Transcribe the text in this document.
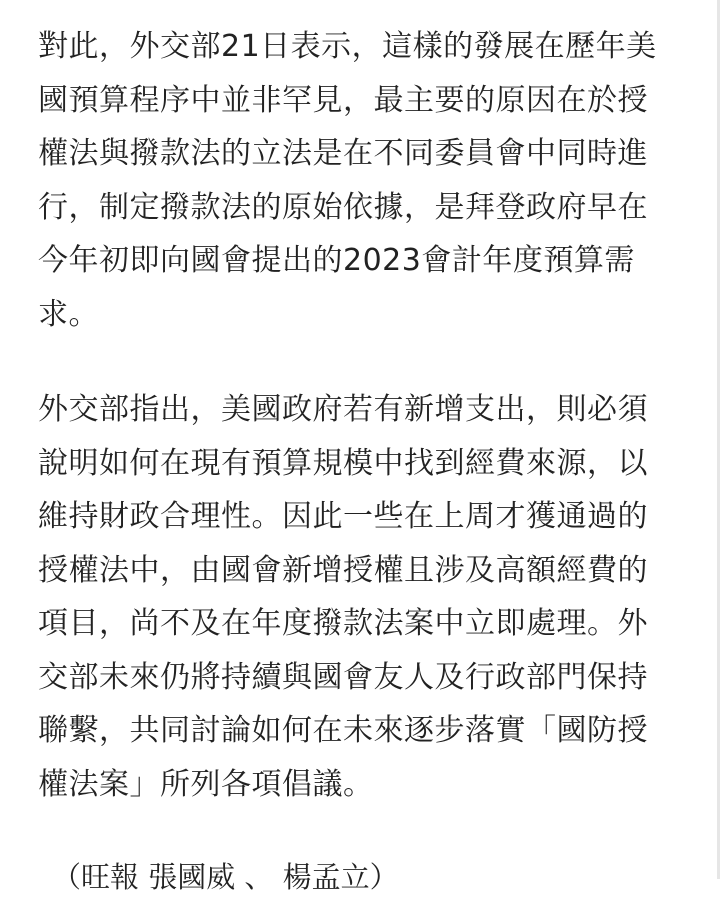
對此，外交部21日表示，這樣的發展在歷年美
國預算程序中並非罕見，最主要的原因在於授
權法與撥款法的立法是在不同委員會中同時進
行，制定撥款法的原始依據，是拜登政府早在
今年初即向國會提出的2023會計年度預算需
求。

外交部指出，美國政府若有新增支出，則必須
說明如何在現有預算規模中找到經費來源，以
維持財政合理性。因此一些在上周才獲通過的
授權法中，由國會新增授權且涉及高額經費的
項目，尚不及在年度撥款法案中立即處理。外
交部未來仍將持續與國會友人及行政部門保持
聯繫，共同討論如何在未來逐步落實「國防授
權法案」所列各項倡議。

（旺報 張國威 、 楊孟立）
